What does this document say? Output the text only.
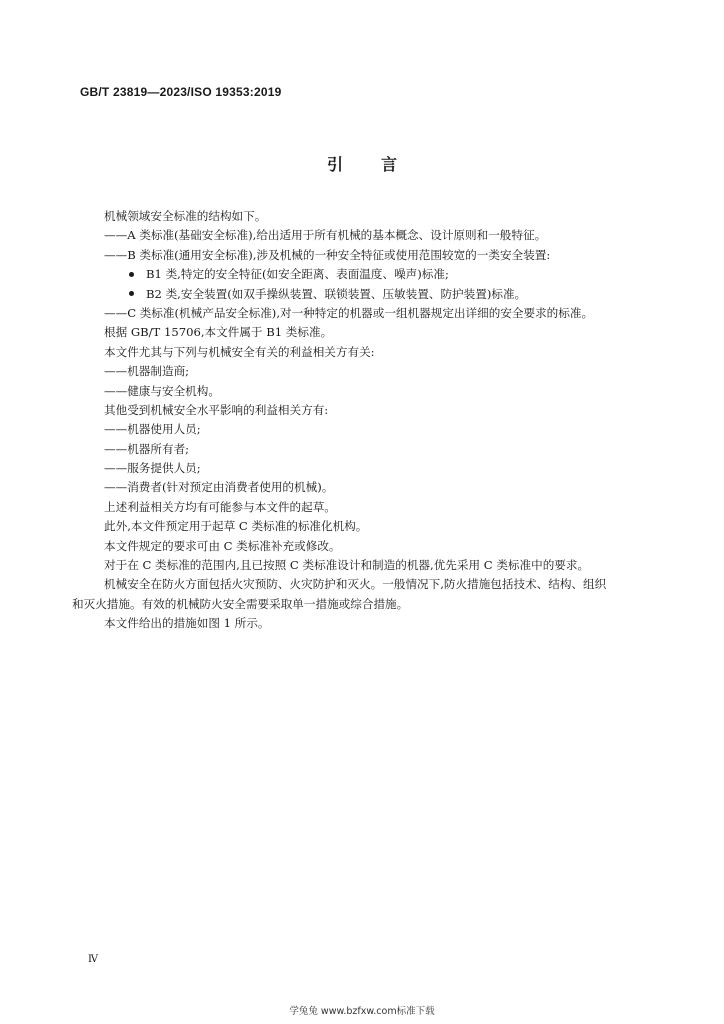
GB/T 23819—2023/ISO 19353:2019
引 言
机械领域安全标准的结构如下。
——A 类标准(基础安全标准),给出适用于所有机械的基本概念、设计原则和一般特征。
——B 类标准(通用安全标准),涉及机械的一种安全特征或使用范围较宽的一类安全装置:
B1 类,特定的安全特征(如安全距离、表面温度、噪声)标准;
B2 类,安全装置(如双手操纵装置、联锁装置、压敏装置、防护装置)标准。
——C 类标准(机械产品安全标准),对一种特定的机器或一组机器规定出详细的安全要求的标准。
根据 GB/T 15706,本文件属于 B1 类标准。
本文件尤其与下列与机械安全有关的利益相关方有关:
——机器制造商;
——健康与安全机构。
其他受到机械安全水平影响的利益相关方有:
——机器使用人员;
——机器所有者;
——服务提供人员;
——消费者(针对预定由消费者使用的机械)。
上述利益相关方均有可能参与本文件的起草。
此外,本文件预定用于起草 C 类标准的标准化机构。
本文件规定的要求可由 C 类标准补充或修改。
对于在 C 类标准的范围内,且已按照 C 类标准设计和制造的机器,优先采用 C 类标准中的要求。
机械安全在防火方面包括火灾预防、火灾防护和灭火。一般情况下,防火措施包括技术、结构、组织
和灭火措施。有效的机械防火安全需要采取单一措施或综合措施。
本文件给出的措施如图 1 所示。
Ⅳ
学兔兔 www.bzfxw.com标准下载
